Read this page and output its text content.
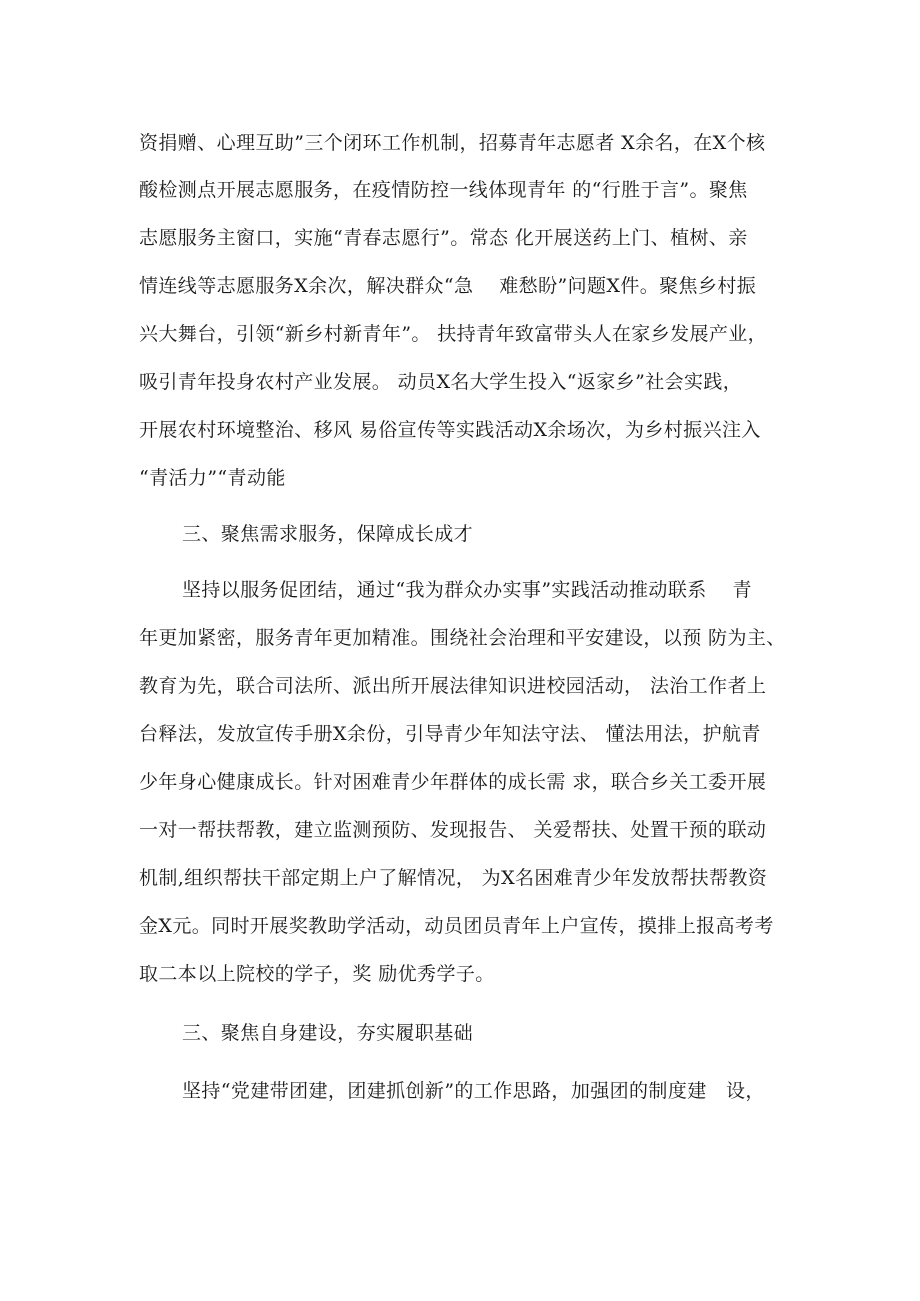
资捐赠、心理互助”三个闭环工作机制，招募青年志愿者 X余名，在X个核
酸检测点开展志愿服务，在疫情防控一线体现青年 的“行胜于言”。聚焦
志愿服务主窗口，实施“青春志愿行”。常态 化开展送药上门、植树、亲
情连线等志愿服务X余次，解决群众“急　 难愁盼”问题X件。聚焦乡村振
兴大舞台，引领“新乡村新青年”。 扶持青年致富带头人在家乡发展产业，
吸引青年投身农村产业发展。 动员X名大学生投入“返家乡”社会实践，
开展农村环境整治、移风 易俗宣传等实践活动X余场次，为乡村振兴注入
“青活力”“青动能
三、聚焦需求服务，保障成长成才
坚持以服务促团结，通过“我为群众办实事”实践活动推动联系　 青
年更加紧密，服务青年更加精准。围绕社会治理和平安建设，以预 防为主、
教育为先，联合司法所、派出所开展法律知识进校园活动， 法治工作者上
台释法，发放宣传手册X余份，引导青少年知法守法、 懂法用法，护航青
少年身心健康成长。针对困难青少年群体的成长需 求，联合乡关工委开展
一对一帮扶帮教，建立监测预防、发现报告、 关爱帮扶、处置干预的联动
机制,组织帮扶干部定期上户了解情况， 为X名困难青少年发放帮扶帮教资
金X元。同时开展奖教助学活动，动员团员青年上户宣传，摸排上报高考考
取二本以上院校的学子，奖 励优秀学子。
三、聚焦自身建设，夯实履职基础
坚持“党建带团建，团建抓创新”的工作思路，加强团的制度建　设，
